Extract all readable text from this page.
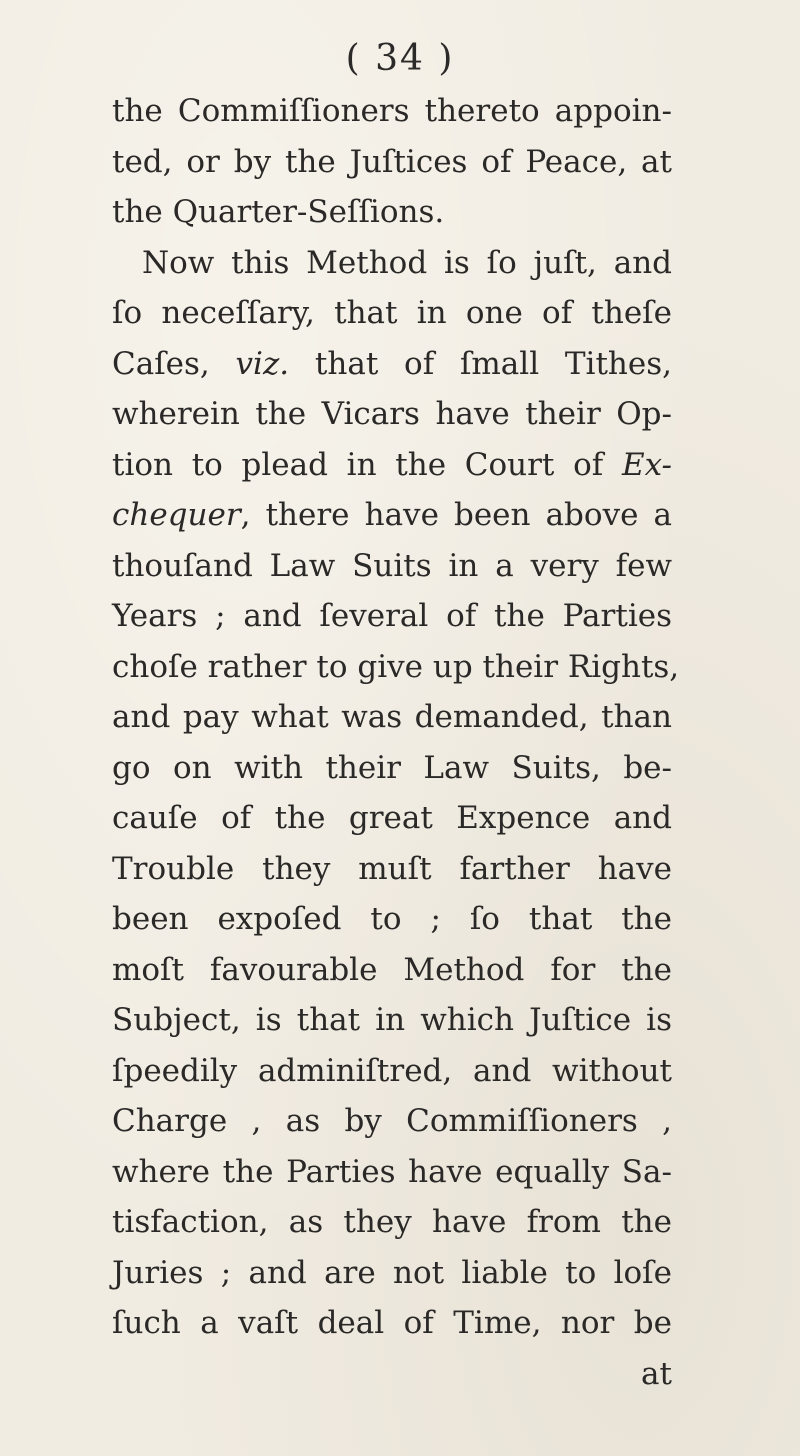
( 34 )
the Commiſſioners thereto appoin-
ted, or by the Juſtices of Peace, at
the Quarter-Seſſions.
Now this Method is ſo juſt, and
ſo neceſſary, that in one of theſe
Caſes, viz. that of ſmall Tithes,
wherein the Vicars have their Op-
tion to plead in the Court of Ex-
chequer, there have been above a
thouſand Law Suits in a very few
Years ; and ſeveral of the Parties
choſe rather to give up their Rights,
and pay what was demanded, than
go on with their Law Suits, be-
cauſe of the great Expence and
Trouble they muſt farther have
been expoſed to ; ſo that the
moſt favourable Method for the
Subject, is that in which Juſtice is
ſpeedily adminiſtred, and without
Charge , as by Commiſſioners ,
where the Parties have equally Sa-
tisfaction, as they have from the
Juries ; and are not liable to loſe
ſuch a vaſt deal of Time, nor be
at
